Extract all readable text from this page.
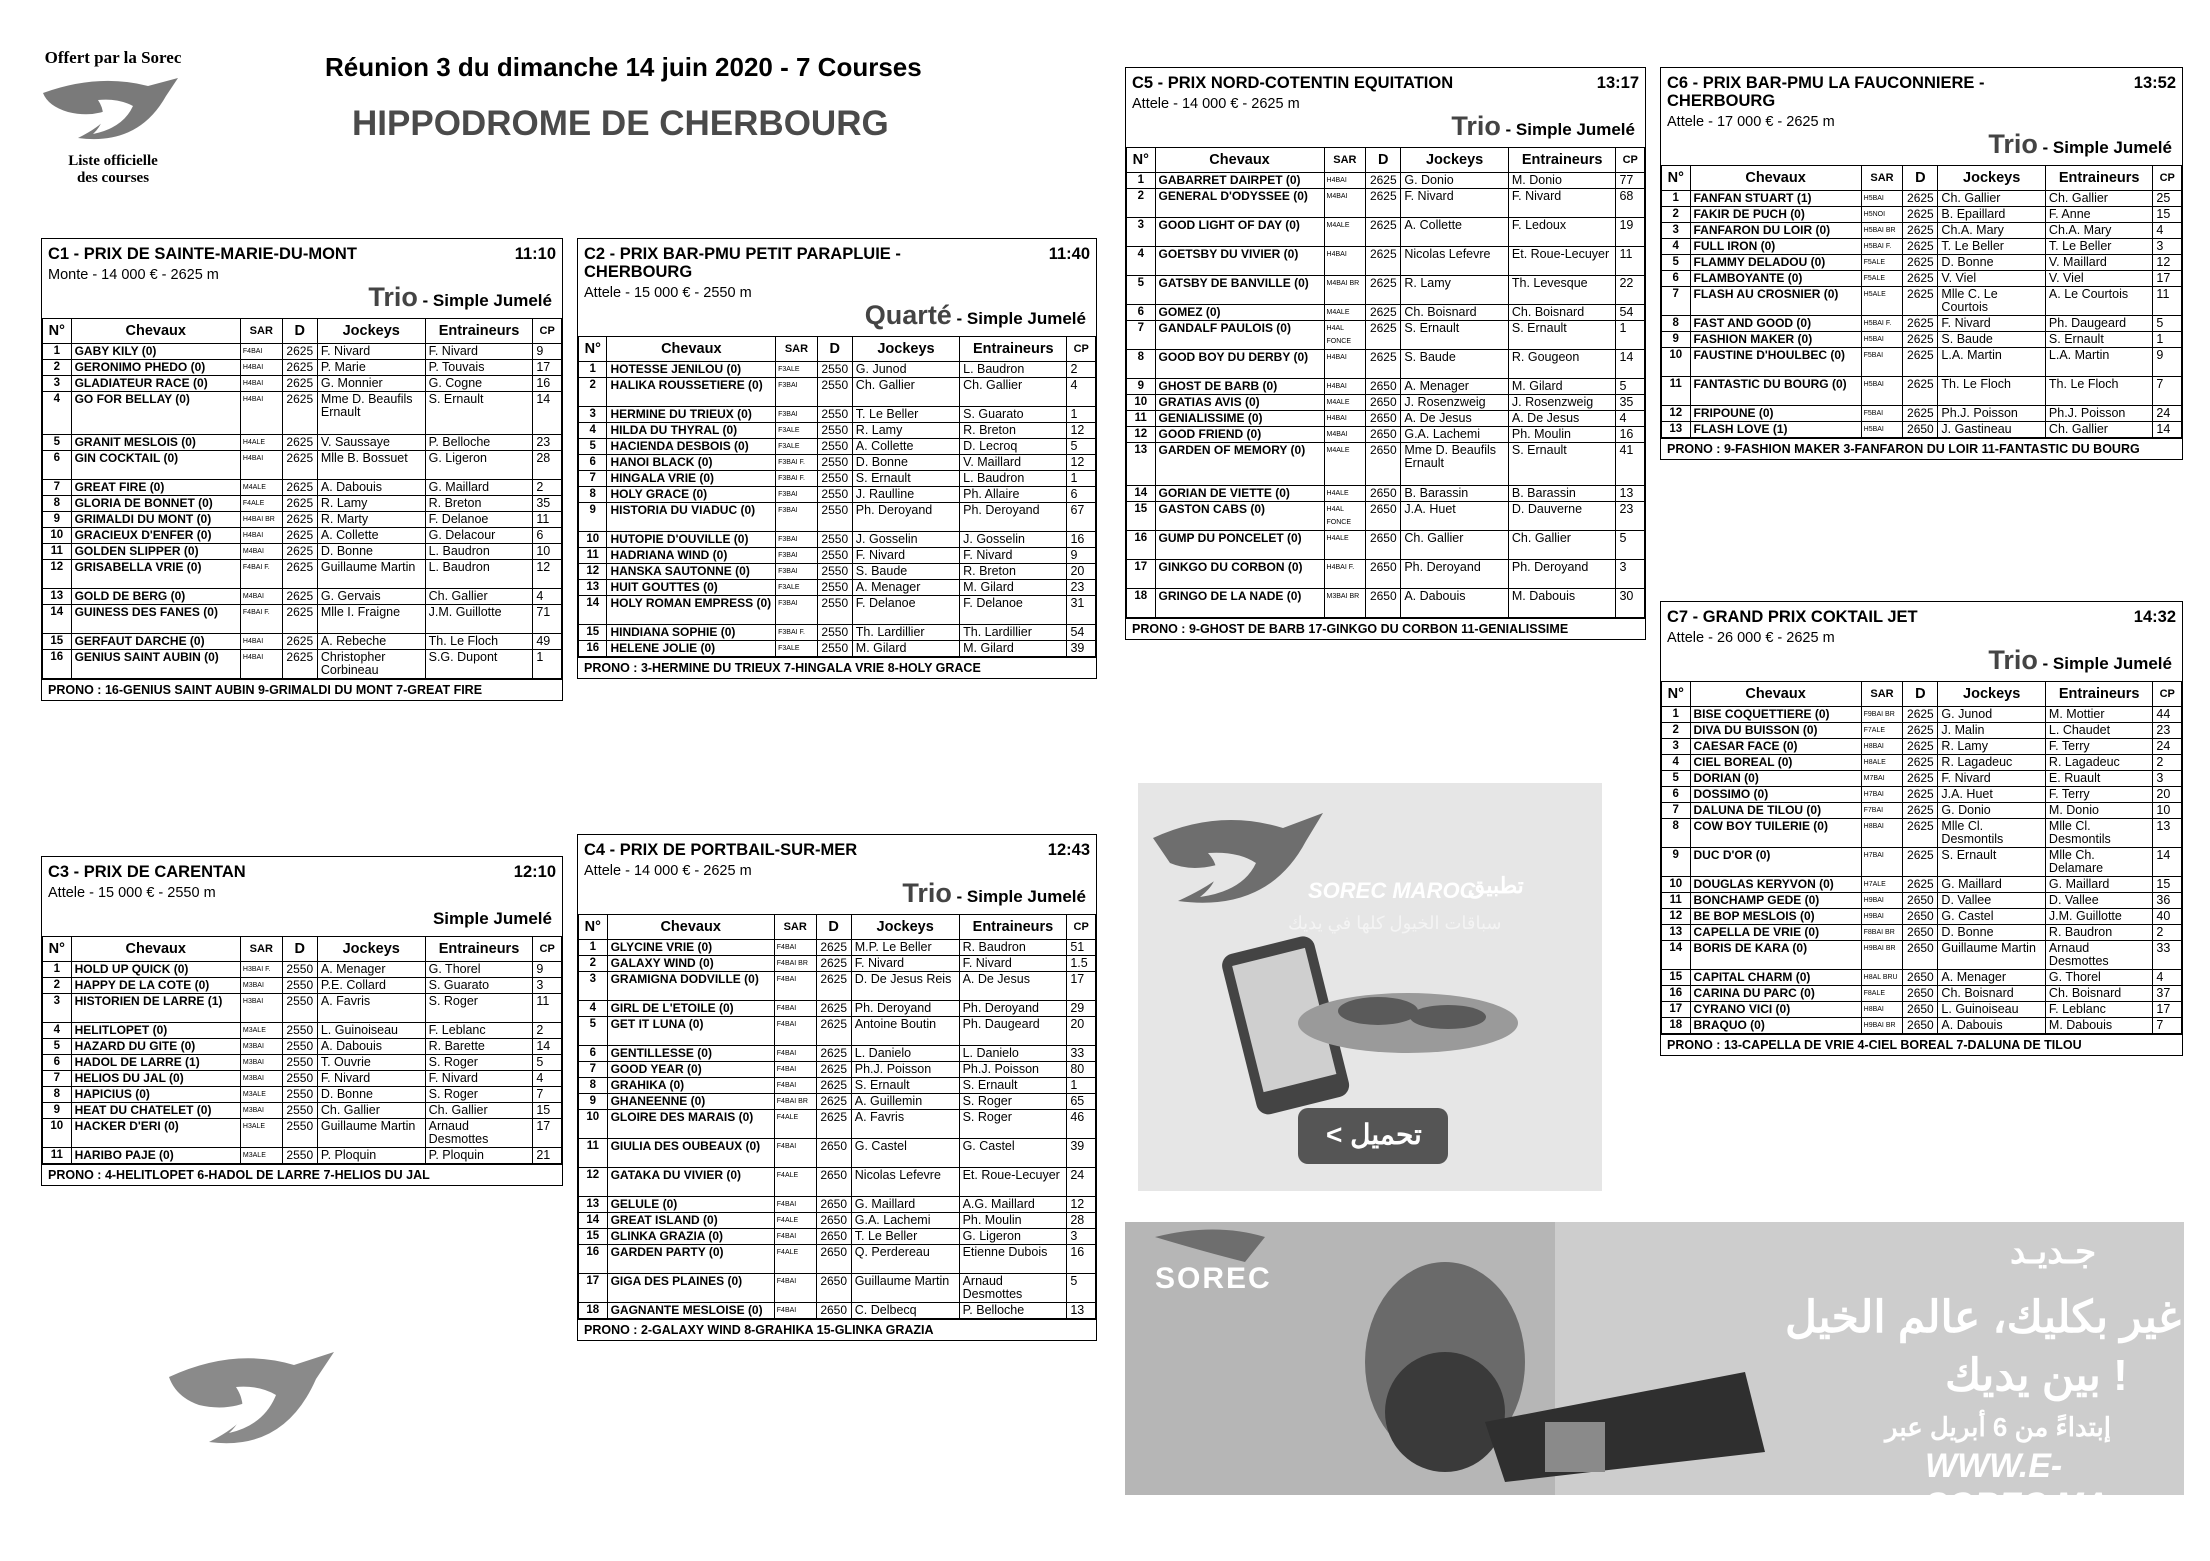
Offert par la Sorec
Liste officielle
des courses
Réunion 3 du dimanche 14 juin 2020 - 7 Courses
HIPPODROME DE CHERBOURG
C1 - PRIX DE SAINTE-MARIE-DU-MONT	11:10
Monte - 14 000 € - 2625 m
Trio - Simple Jumelé
N°	Chevaux	SAR	D	Jockeys	Entraineurs	CP
1	GABY KILY (0)	F4BAI	2625	F. Nivard	F. Nivard	9
2	GERONIMO PHEDO (0)	H4BAI	2625	P. Marie	P. Touvais	17
3	GLADIATEUR RACE (0)	H4BAI	2625	G. Monnier	G. Cogne	16
4	GO FOR BELLAY (0)	H4BAI	2625	Mme D. Beaufils Ernault	S. Ernault	14
5	GRANIT MESLOIS (0)	H4ALE	2625	V. Saussaye	P. Belloche	23
6	GIN COCKTAIL (0)	H4BAI	2625	Mlle B. Bossuet	G. Ligeron	28
7	GREAT FIRE (0)	M4ALE	2625	A. Dabouis	G. Maillard	2
8	GLORIA DE BONNET (0)	F4ALE	2625	R. Lamy	R. Breton	35
9	GRIMALDI DU MONT (0)	H4BAI BR	2625	R. Marty	F. Delanoe	11
10	GRACIEUX D'ENFER (0)	H4BAI	2625	A. Collette	G. Delacour	6
11	GOLDEN SLIPPER (0)	M4BAI	2625	D. Bonne	L. Baudron	10
12	GRISABELLA VRIE (0)	F4BAI F.	2625	Guillaume Martin	L. Baudron	12
13	GOLD DE BERG (0)	M4BAI	2625	G. Gervais	Ch. Gallier	4
14	GUINESS DES FANES (0)	F4BAI F.	2625	Mlle I. Fraigne	J.M. Guillotte	71
15	GERFAUT DARCHE (0)	H4BAI	2625	A. Rebeche	Th. Le Floch	49
16	GENIUS SAINT AUBIN (0)	H4BAI	2625	Christopher Corbineau	S.G. Dupont	1
PRONO : 16-GENIUS SAINT AUBIN 9-GRIMALDI DU MONT 7-GREAT FIRE
C2 - PRIX BAR-PMU PETIT PARAPLUIE -
CHERBOURG
11:40
Attele - 15 000 € - 2550 m
Quarté - Simple Jumelé
N°	Chevaux	SAR	D	Jockeys	Entraineurs	CP
1	HOTESSE JENILOU (0)	F3ALE	2550	G. Junod	L. Baudron	2
2	HALIKA ROUSSETIERE (0)	F3BAI	2550	Ch. Gallier	Ch. Gallier	4
3	HERMINE DU TRIEUX (0)	F3BAI	2550	T. Le Beller	S. Guarato	1
4	HILDA DU THYRAL (0)	F3ALE	2550	R. Lamy	R. Breton	12
5	HACIENDA DESBOIS (0)	F3ALE	2550	A. Collette	D. Lecroq	5
6	HANOI BLACK (0)	F3BAI F.	2550	D. Bonne	V. Maillard	12
7	HINGALA VRIE (0)	F3BAI F.	2550	S. Ernault	L. Baudron	1
8	HOLY GRACE (0)	F3BAI	2550	J. Raulline	Ph. Allaire	6
9	HISTORIA DU VIADUC (0)	F3BAI	2550	Ph. Deroyand	Ph. Deroyand	67
10	HUTOPIE D'OUVILLE (0)	F3BAI	2550	J. Gosselin	J. Gosselin	16
11	HADRIANA WIND (0)	F3BAI	2550	F. Nivard	F. Nivard	9
12	HANSKA SAUTONNE (0)	F3BAI	2550	S. Baude	R. Breton	20
13	HUIT GOUTTES (0)	F3ALE	2550	A. Menager	M. Gilard	23
14	HOLY ROMAN EMPRESS (0)	F3BAI	2550	F. Delanoe	F. Delanoe	31
15	HINDIANA SOPHIE (0)	F3BAI F.	2550	Th. Lardillier	Th. Lardillier	54
16	HELENE JOLIE (0)	F3ALE	2550	M. Gilard	M. Gilard	39
PRONO : 3-HERMINE DU TRIEUX 7-HINGALA VRIE 8-HOLY GRACE
C3 - PRIX DE CARENTAN	12:10
Attele - 15 000 € - 2550 m
Simple Jumelé
N°	Chevaux	SAR	D	Jockeys	Entraineurs	CP
1	HOLD UP QUICK (0)	H3BAI F.	2550	A. Menager	G. Thorel	9
2	HAPPY DE LA COTE (0)	M3BAI	2550	P.E. Collard	S. Guarato	3
3	HISTORIEN DE LARRE (1)	H3BAI	2550	A. Favris	S. Roger	11
4	HELITLOPET (0)	M3ALE	2550	L. Guinoiseau	F. Leblanc	2
5	HAZARD DU GITE (0)	M3BAI	2550	A. Dabouis	R. Barette	14
6	HADOL DE LARRE (1)	M3BAI	2550	T. Ouvrie	S. Roger	5
7	HELIOS DU JAL (0)	M3BAI	2550	F. Nivard	F. Nivard	4
8	HAPICIUS (0)	M3ALE	2550	D. Bonne	S. Roger	7
9	HEAT DU CHATELET (0)	M3BAI	2550	Ch. Gallier	Ch. Gallier	15
10	HACKER D'ERI (0)	H3ALE	2550	Guillaume Martin	Arnaud Desmottes	17
11	HARIBO PAJE (0)	M3ALE	2550	P. Ploquin	P. Ploquin	21
PRONO : 4-HELITLOPET 6-HADOL DE LARRE 7-HELIOS DU JAL
C4 - PRIX DE PORTBAIL-SUR-MER	12:43
Attele - 14 000 € - 2625 m
Trio - Simple Jumelé
N°	Chevaux	SAR	D	Jockeys	Entraineurs	CP
1	GLYCINE VRIE (0)	F4BAI	2625	M.P. Le Beller	R. Baudron	51
2	GALAXY WIND (0)	F4BAI BR	2625	F. Nivard	F. Nivard	1.5
3	GRAMIGNA DODVILLE (0)	F4BAI	2625	D. De Jesus Reis	A. De Jesus	17
4	GIRL DE L'ETOILE (0)	F4BAI	2625	Ph. Deroyand	Ph. Deroyand	29
5	GET IT LUNA (0)	F4BAI	2625	Antoine Boutin	Ph. Daugeard	20
6	GENTILLESSE (0)	F4BAI	2625	L. Danielo	L. Danielo	33
7	GOOD YEAR (0)	F4BAI	2625	Ph.J. Poisson	Ph.J. Poisson	80
8	GRAHIKA (0)	F4BAI	2625	S. Ernault	S. Ernault	1
9	GHANEENNE (0)	F4BAI BR	2625	A. Guillemin	S. Roger	65
10	GLOIRE DES MARAIS (0)	F4ALE	2625	A. Favris	S. Roger	46
11	GIULIA DES OUBEAUX (0)	F4BAI	2650	G. Castel	G. Castel	39
12	GATAKA DU VIVIER (0)	F4ALE	2650	Nicolas Lefevre	Et. Roue-Lecuyer	24
13	GELULE (0)	F4BAI	2650	G. Maillard	A.G. Maillard	12
14	GREAT ISLAND (0)	F4ALE	2650	G.A. Lachemi	Ph. Moulin	28
15	GLINKA GRAZIA (0)	F4BAI	2650	T. Le Beller	G. Ligeron	3
16	GARDEN PARTY (0)	F4ALE	2650	Q. Perdereau	Etienne Dubois	16
17	GIGA DES PLAINES (0)	F4BAI	2650	Guillaume Martin	Arnaud Desmottes	5
18	GAGNANTE MESLOISE (0)	F4BAI	2650	C. Delbecq	P. Belloche	13
PRONO : 2-GALAXY WIND 8-GRAHIKA 15-GLINKA GRAZIA
C5 - PRIX NORD-COTENTIN EQUITATION	13:17
Attele - 14 000 € - 2625 m
Trio - Simple Jumelé
N°	Chevaux	SAR	D	Jockeys	Entraineurs	CP
1	GABARRET DAIRPET (0)	H4BAI	2625	G. Donio	M. Donio	77
2	GENERAL D'ODYSSEE (0)	M4BAI	2625	F. Nivard	F. Nivard	68
3	GOOD LIGHT OF DAY (0)	M4ALE	2625	A. Collette	F. Ledoux	19
4	GOETSBY DU VIVIER (0)	H4BAI	2625	Nicolas Lefevre	Et. Roue-Lecuyer	11
5	GATSBY DE BANVILLE (0)	M4BAI BR	2625	R. Lamy	Th. Levesque	22
6	GOMEZ (0)	M4ALE	2625	Ch. Boisnard	Ch. Boisnard	54
7	GANDALF PAULOIS (0)	H4AL FONCE	2625	S. Ernault	S. Ernault	1
8	GOOD BOY DU DERBY (0)	H4BAI	2625	S. Baude	R. Gougeon	14
9	GHOST DE BARB (0)	H4BAI	2650	A. Menager	M. Gilard	5
10	GRATIAS AVIS (0)	M4ALE	2650	J. Rosenzweig	J. Rosenzweig	35
11	GENIALISSIME (0)	H4BAI	2650	A. De Jesus	A. De Jesus	4
12	GOOD FRIEND (0)	M4BAI	2650	G.A. Lachemi	Ph. Moulin	16
13	GARDEN OF MEMORY (0)	M4ALE	2650	Mme D. Beaufils Ernault	S. Ernault	41
14	GORIAN DE VIETTE (0)	H4ALE	2650	B. Barassin	B. Barassin	13
15	GASTON CABS (0)	H4AL FONCE	2650	J.A. Huet	D. Dauverne	23
16	GUMP DU PONCELET (0)	H4ALE	2650	Ch. Gallier	Ch. Gallier	5
17	GINKGO DU CORBON (0)	H4BAI F.	2650	Ph. Deroyand	Ph. Deroyand	3
18	GRINGO DE LA NADE (0)	M3BAI BR	2650	A. Dabouis	M. Dabouis	30
PRONO : 9-GHOST DE BARB 17-GINKGO DU CORBON 11-GENIALISSIME
C6 - PRIX BAR-PMU LA FAUCONNIERE -
CHERBOURG
13:52
Attele - 17 000 € - 2625 m
Trio - Simple Jumelé
N°	Chevaux	SAR	D	Jockeys	Entraineurs	CP
1	FANFAN STUART (1)	H5BAI	2625	Ch. Gallier	Ch. Gallier	25
2	FAKIR DE PUCH (0)	H5NOI	2625	B. Epaillard	F. Anne	15
3	FANFARON DU LOIR (0)	H5BAI BR	2625	Ch.A. Mary	Ch.A. Mary	4
4	FULL IRON (0)	H5BAI F.	2625	T. Le Beller	T. Le Beller	3
5	FLAMMY DELADOU (0)	F5ALE	2625	D. Bonne	V. Maillard	12
6	FLAMBOYANTE (0)	F5ALE	2625	V. Viel	V. Viel	17
7	FLASH AU CROSNIER (0)	H5ALE	2625	Mlle C. Le Courtois	A. Le Courtois	11
8	FAST AND GOOD (0)	H5BAI F.	2625	F. Nivard	Ph. Daugeard	5
9	FASHION MAKER (0)	H5BAI	2625	S. Baude	S. Ernault	1
10	FAUSTINE D'HOULBEC (0)	F5BAI	2625	L.A. Martin	L.A. Martin	9
11	FANTASTIC DU BOURG (0)	H5BAI	2625	Th. Le Floch	Th. Le Floch	7
12	FRIPOUNE (0)	F5BAI	2625	Ph.J. Poisson	Ph.J. Poisson	24
13	FLASH LOVE (1)	H5BAI	2650	J. Gastineau	Ch. Gallier	14
PRONO : 9-FASHION MAKER 3-FANFARON DU LOIR 11-FANTASTIC DU BOURG
C7 - GRAND PRIX COKTAIL JET	14:32
Attele - 26 000 € - 2625 m
Trio - Simple Jumelé
N°	Chevaux	SAR	D	Jockeys	Entraineurs	CP
1	BISE COQUETTIERE (0)	F9BAI BR	2625	G. Junod	M. Mottier	44
2	DIVA DU BUISSON (0)	F7ALE	2625	J. Malin	L. Chaudet	23
3	CAESAR FACE (0)	H8BAI	2625	R. Lamy	F. Terry	24
4	CIEL BOREAL (0)	H8ALE	2625	R. Lagadeuc	R. Lagadeuc	2
5	DORIAN (0)	M7BAI	2625	F. Nivard	E. Ruault	3
6	DOSSIMO (0)	H7BAI	2625	J.A. Huet	F. Terry	20
7	DALUNA DE TILOU (0)	F7BAI	2625	G. Donio	M. Donio	10
8	COW BOY TUILERIE (0)	H8BAI	2625	Mlle Cl. Desmontils	Mlle Cl. Desmontils	13
9	DUC D'OR (0)	H7BAI	2625	S. Ernault	Mlle Ch. Delamare	14
10	DOUGLAS KERYVON (0)	H7ALE	2625	G. Maillard	G. Maillard	15
11	BONCHAMP GEDE (0)	H9BAI	2650	D. Vallee	D. Vallee	36
12	BE BOP MESLOIS (0)	H9BAI	2650	G. Castel	J.M. Guillotte	40
13	CAPELLA DE VRIE (0)	F8BAI BR	2650	D. Bonne	R. Baudron	2
14	BORIS DE KARA (0)	H9BAI BR	2650	Guillaume Martin	Arnaud Desmottes	33
15	CAPITAL CHARM (0)	H8AL BRU	2650	A. Menager	G. Thorel	4
16	CARINA DU PARC (0)	F8ALE	2650	Ch. Boisnard	Ch. Boisnard	37
17	CYRANO VICI (0)	H8BAI	2650	L. Guinoiseau	F. Leblanc	17
18	BRAQUO (0)	H9BAI BR	2650	A. Dabouis	M. Dabouis	7
PRONO : 13-CAPELLA DE VRIE 4-CIEL BOREAL 7-DALUNA DE TILOU
SOREC MAROC
تطبيق
سباقات الخيول كلها في يديك
< تحميل
SOREC
جـديـد
غير بكليك، عالم الخيل
بين يديك !
إبتداءً من 6 أبريل عبر
WWW.E-SOREC.MA
